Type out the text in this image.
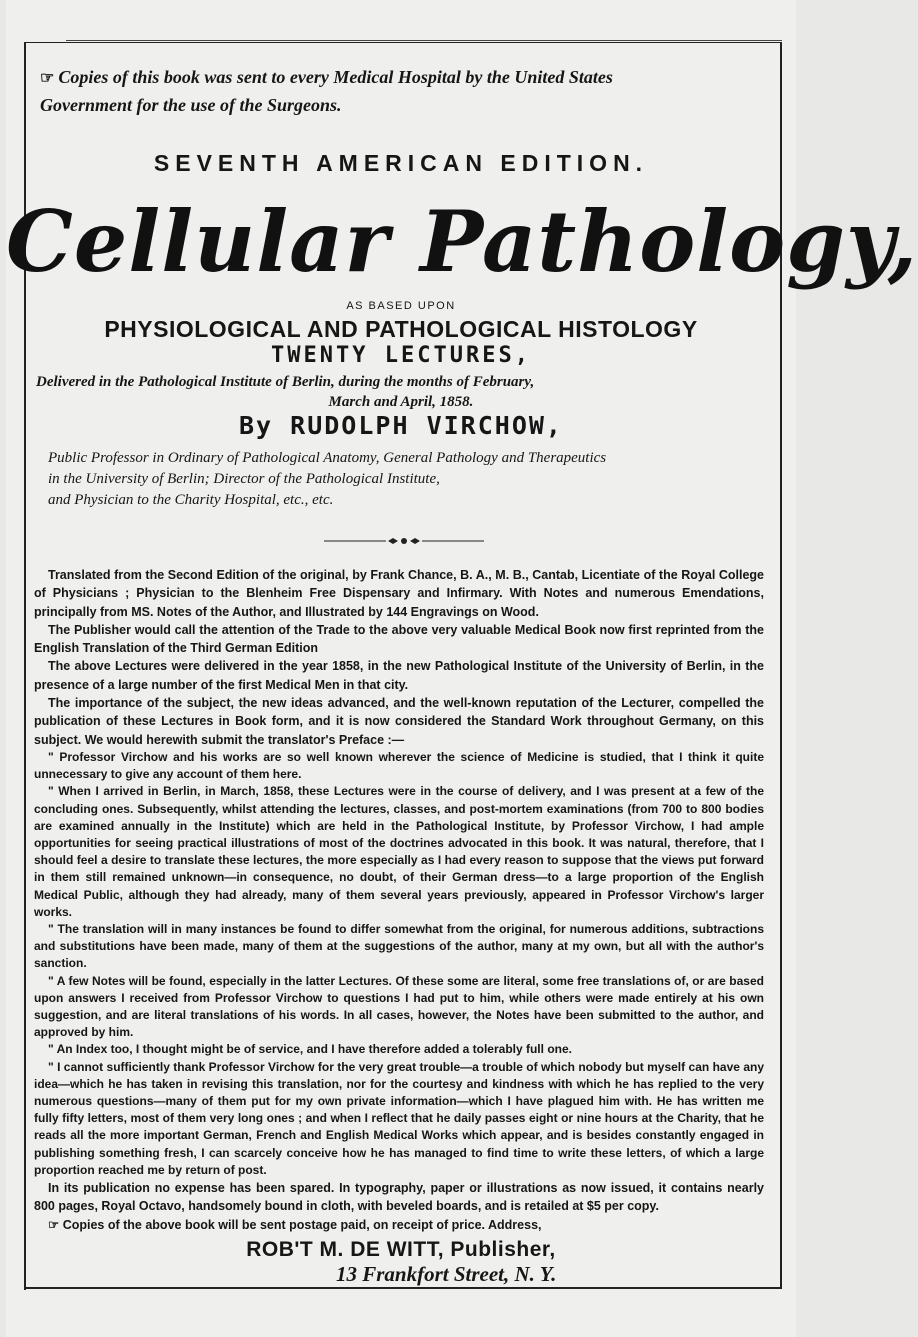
☞ Copies of this book was sent to every Medical Hospital by the United States
Government for the use of the Surgeons.

SEVENTH AMERICAN EDITION.
Cellular Pathology,
AS BASED UPON
PHYSIOLOGICAL AND PATHOLOGICAL HISTOLOGY
TWENTY LECTURES,

Delivered in the Pathological Institute of Berlin, during the months of February,
March and April, 1858.

By RUDOLPH VIRCHOW,

Public Professor in Ordinary of Pathological Anatomy, General Pathology and Therapeutics
in the University of Berlin; Director of the Pathological Institute,
and Physician to the Charity Hospital, etc., etc.

Translated from the Second Edition of the original, by Frank Chance, B. A., M. B., Cantab, Licentiate of the Royal College of Physicians ; Physician to the Blenheim Free Dispensary and Infirmary. With Notes and numerous Emendations, principally from MS. Notes of the Author, and Illustrated by 144 Engravings on Wood.

The Publisher would call the attention of the Trade to the above very valuable Medical Book now first reprinted from the English Translation of the Third German Edition

The above Lectures were delivered in the year 1858, in the new Pathological Institute of the University of Berlin, in the presence of a large number of the first Medical Men in that city.

The importance of the subject, the new ideas advanced, and the well-known reputation of the Lecturer, compelled the publication of these Lectures in Book form, and it is now considered the Standard Work throughout Germany, on this subject. We would herewith submit the translator's Preface :—

" Professor Virchow and his works are so well known wherever the science of Medicine is studied, that I think it quite unnecessary to give any account of them here.

" When I arrived in Berlin, in March, 1858, these Lectures were in the course of delivery, and I was present at a few of the concluding ones. Subsequently, whilst attending the lectures, classes, and post-mortem examinations (from 700 to 800 bodies are examined annually in the Institute) which are held in the Pathological Institute, by Professor Virchow, I had ample opportunities for seeing practical illustrations of most of the doctrines advocated in this book. It was natural, therefore, that I should feel a desire to translate these lectures, the more especially as I had every reason to suppose that the views put forward in them still remained unknown—in consequence, no doubt, of their German dress—to a large proportion of the English Medical Public, although they had already, many of them several years previously, appeared in Professor Virchow's larger works.

" The translation will in many instances be found to differ somewhat from the original, for numerous additions, subtractions and substitutions have been made, many of them at the suggestions of the author, many at my own, but all with the author's sanction.

" A few Notes will be found, especially in the latter Lectures. Of these some are literal, some free translations of, or are based upon answers I received from Professor Virchow to questions I had put to him, while others were made entirely at his own suggestion, and are literal translations of his words. In all cases, however, the Notes have been submitted to the author, and approved by him.

" An Index too, I thought might be of service, and I have therefore added a tolerably full one.

" I cannot sufficiently thank Professor Virchow for the very great trouble—a trouble of which nobody but myself can have any idea—which he has taken in revising this translation, nor for the courtesy and kindness with which he has replied to the very numerous questions—many of them put for my own private information—which I have plagued him with. He has written me fully fifty letters, most of them very long ones ; and when I reflect that he daily passes eight or nine hours at the Charity, that he reads all the more important German, French and English Medical Works which appear, and is besides constantly engaged in publishing something fresh, I can scarcely conceive how he has managed to find time to write these letters, of which a large proportion reached me by return of post.

In its publication no expense has been spared. In typography, paper or illustrations as now issued, it contains nearly 800 pages, Royal Octavo, handsomely bound in cloth, with beveled boards, and is retailed at $5 per copy.

☞ Copies of the above book will be sent postage paid, on receipt of price. Address,

ROB'T M. DE WITT, Publisher,
13 Frankfort Street, N. Y.
